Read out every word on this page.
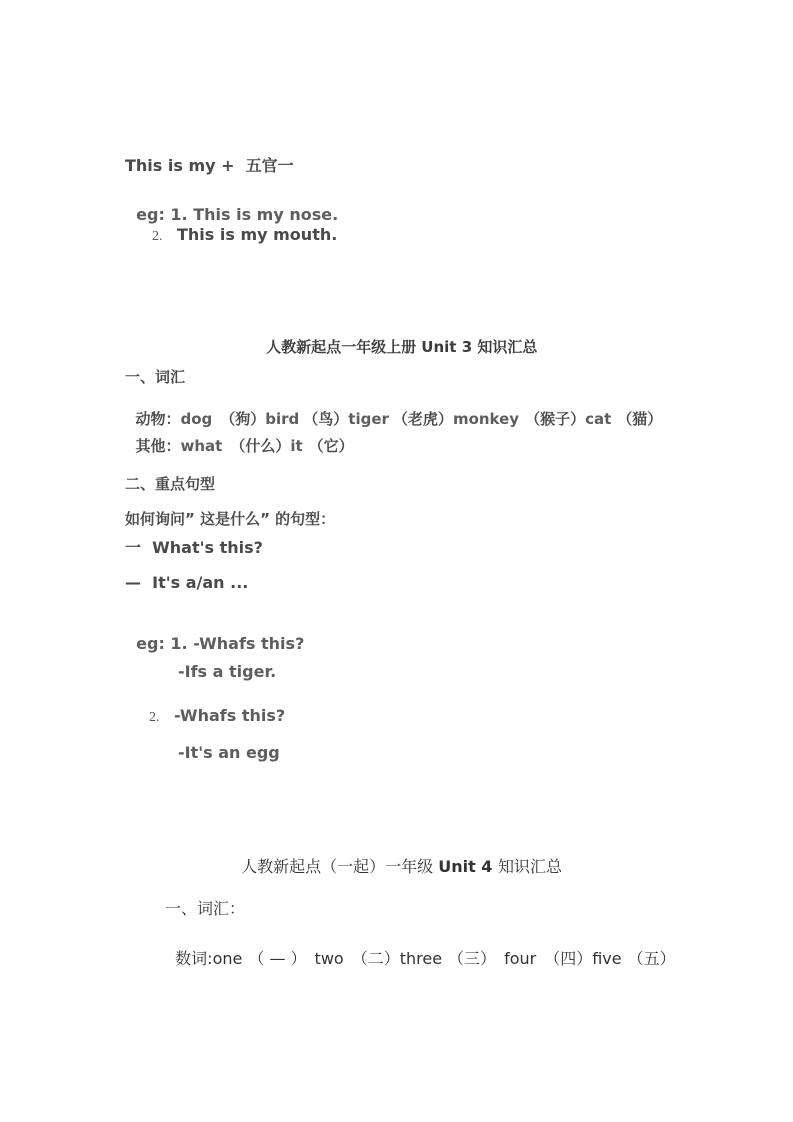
This is my +  五官一

eg: 1. This is my nose.

2. This is my mouth.

人教新起点一年级上册 Unit 3 知识汇总

一、词汇

动物：dog （狗）bird （鸟）tiger （老虎）monkey （猴子）cat （猫）

其他：what （什么）it （它）

二、重点句型
如何询问” 这是什么” 的句型：
一  What's this?
—  It's a/an ...

eg: 1. -Whafs this?

-Ifs a tiger.
2. -Whafs this?
-It's an egg

人教新起点（一起）一年级 Unit 4 知识汇总

一、词汇：

数词:one （ — ） two （二）three （三） four （四）five （五）
